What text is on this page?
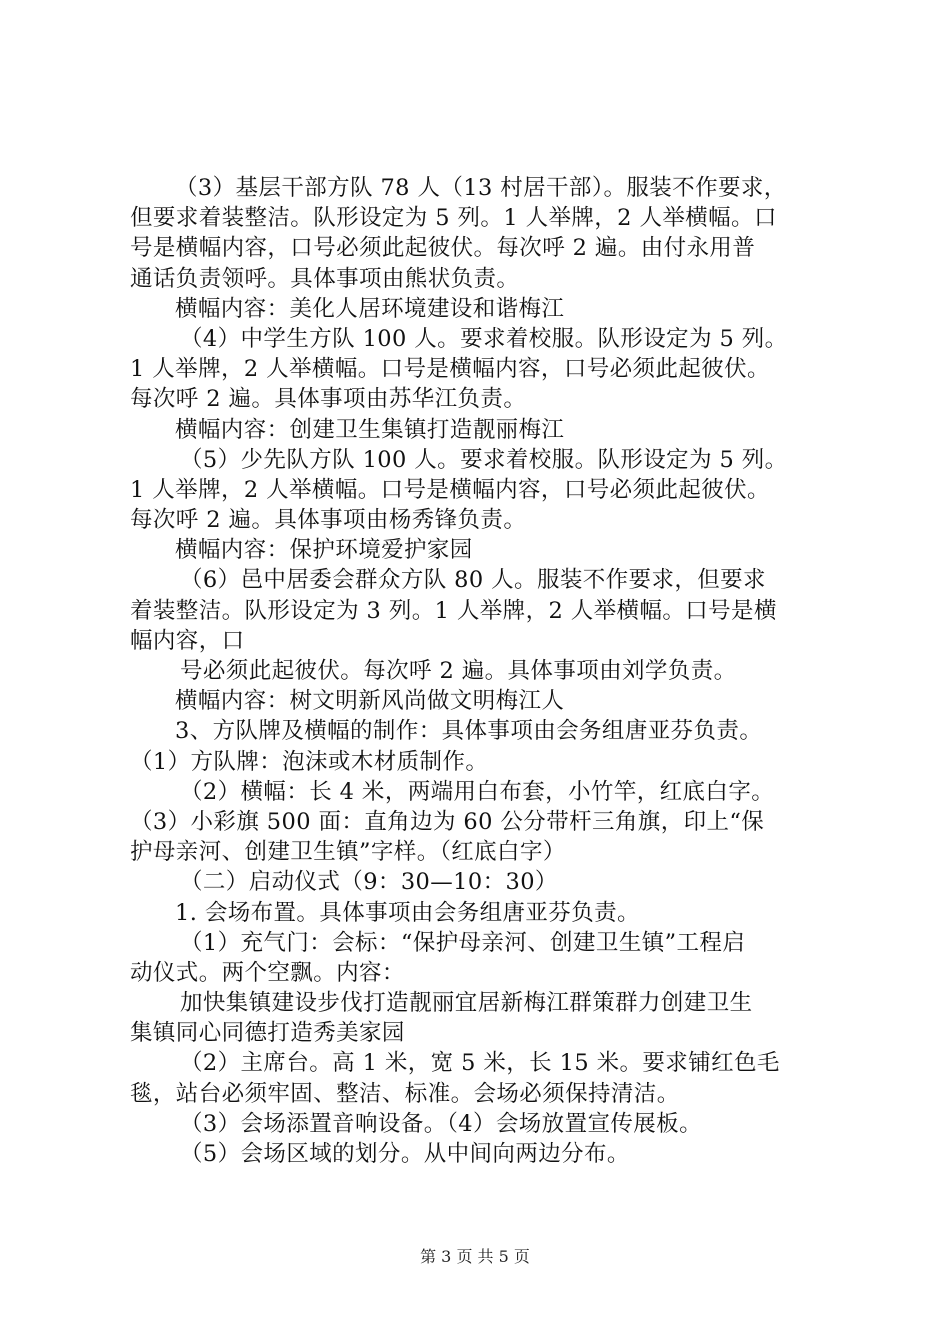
（3）基层干部方队 78 人（13 村居干部）。服装不作要求，
但要求着装整洁。队形设定为 5 列。1 人举牌，2 人举横幅。口
号是横幅内容，口号必须此起彼伏。每次呼 2 遍。由付永用普
通话负责领呼。具体事项由熊状负责。
横幅内容：美化人居环境建设和谐梅江
（4）中学生方队 100 人。要求着校服。队形设定为 5 列。
1 人举牌，2 人举横幅。口号是横幅内容，口号必须此起彼伏。
每次呼 2 遍。具体事项由苏华江负责。
横幅内容：创建卫生集镇打造靓丽梅江
（5）少先队方队 100 人。要求着校服。队形设定为 5 列。
1 人举牌，2 人举横幅。口号是横幅内容，口号必须此起彼伏。
每次呼 2 遍。具体事项由杨秀锋负责。
横幅内容：保护环境爱护家园
（6）邑中居委会群众方队 80 人。服装不作要求，但要求
着装整洁。队形设定为 3 列。1 人举牌，2 人举横幅。口号是横
幅内容，口
号必须此起彼伏。每次呼 2 遍。具体事项由刘学负责。
横幅内容：树文明新风尚做文明梅江人
3、方队牌及横幅的制作：具体事项由会务组唐亚芬负责。
（1）方队牌：泡沫或木材质制作。
（2）横幅：长 4 米，两端用白布套，小竹竿，红底白字。
（3）小彩旗 500 面：直角边为 60 公分带杆三角旗，印上“保
护母亲河、创建卫生镇”字样。（红底白字）
（二）启动仪式（9：30—10：30）
1. 会场布置。具体事项由会务组唐亚芬负责。
（1）充气门：会标：“保护母亲河、创建卫生镇”工程启
动仪式。两个空飘。内容：
加快集镇建设步伐打造靓丽宜居新梅江群策群力创建卫生
集镇同心同德打造秀美家园
（2）主席台。高 1 米，宽 5 米，长 15 米。要求铺红色毛
毯，站台必须牢固、整洁、标准。会场必须保持清洁。
（3）会场添置音响设备。（4）会场放置宣传展板。
（5）会场区域的划分。从中间向两边分布。
第 3 页 共 5 页
